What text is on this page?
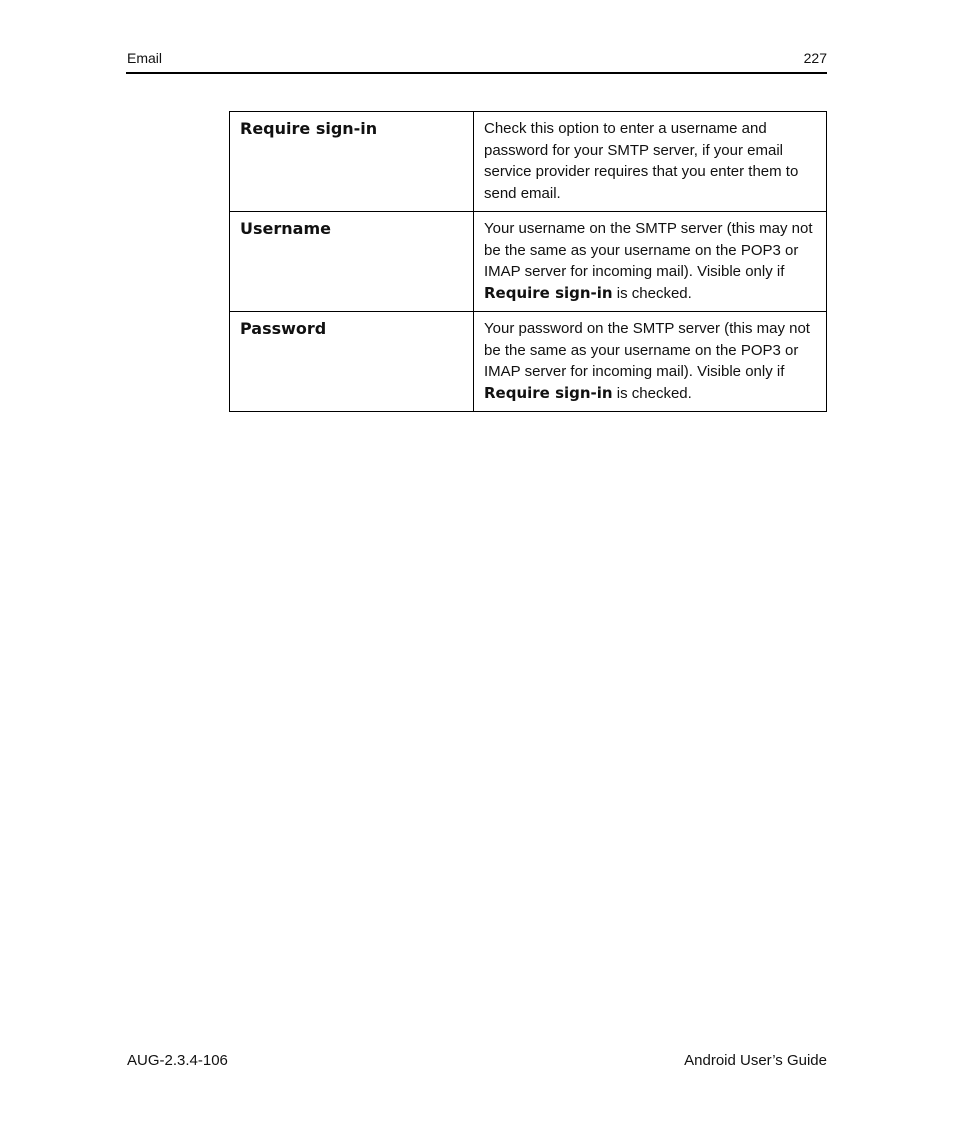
Email	227
Require sign-in	Check this option to enter a username and password for your SMTP server, if your email service provider requires that you enter them to send email.
Username	Your username on the SMTP server (this may not be the same as your username on the POP3 or IMAP server for incoming mail). Visible only if Require sign-in is checked.
Password	Your password on the SMTP server (this may not be the same as your username on the POP3 or IMAP server for incoming mail). Visible only if Require sign-in is checked.
AUG-2.3.4-106	Android User’s Guide
